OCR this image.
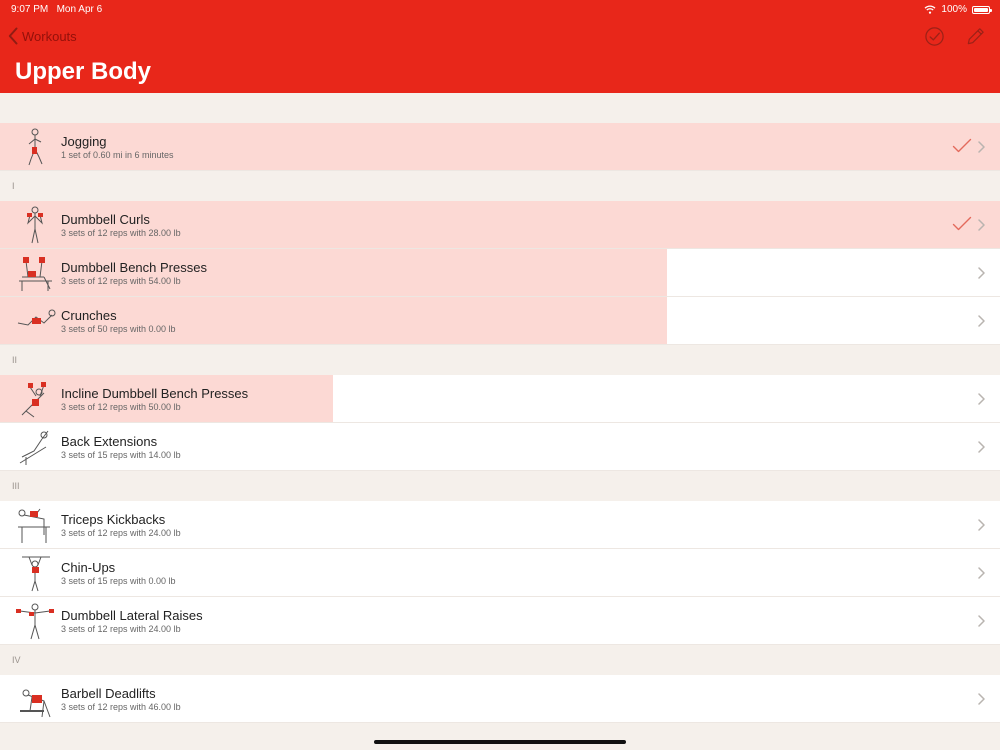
9:07 PM Mon Apr 6	100%
Workouts
Upper Body
Jogging
1 set of 0.60 mi in 6 minutes
I
Dumbbell Curls
3 sets of 12 reps with 28.00 lb
Dumbbell Bench Presses
3 sets of 12 reps with 54.00 lb
Crunches
3 sets of 50 reps with 0.00 lb
II
Incline Dumbbell Bench Presses
3 sets of 12 reps with 50.00 lb
Back Extensions
3 sets of 15 reps with 14.00 lb
III
Triceps Kickbacks
3 sets of 12 reps with 24.00 lb
Chin-Ups
3 sets of 15 reps with 0.00 lb
Dumbbell Lateral Raises
3 sets of 12 reps with 24.00 lb
IV
Barbell Deadlifts
3 sets of 12 reps with 46.00 lb
